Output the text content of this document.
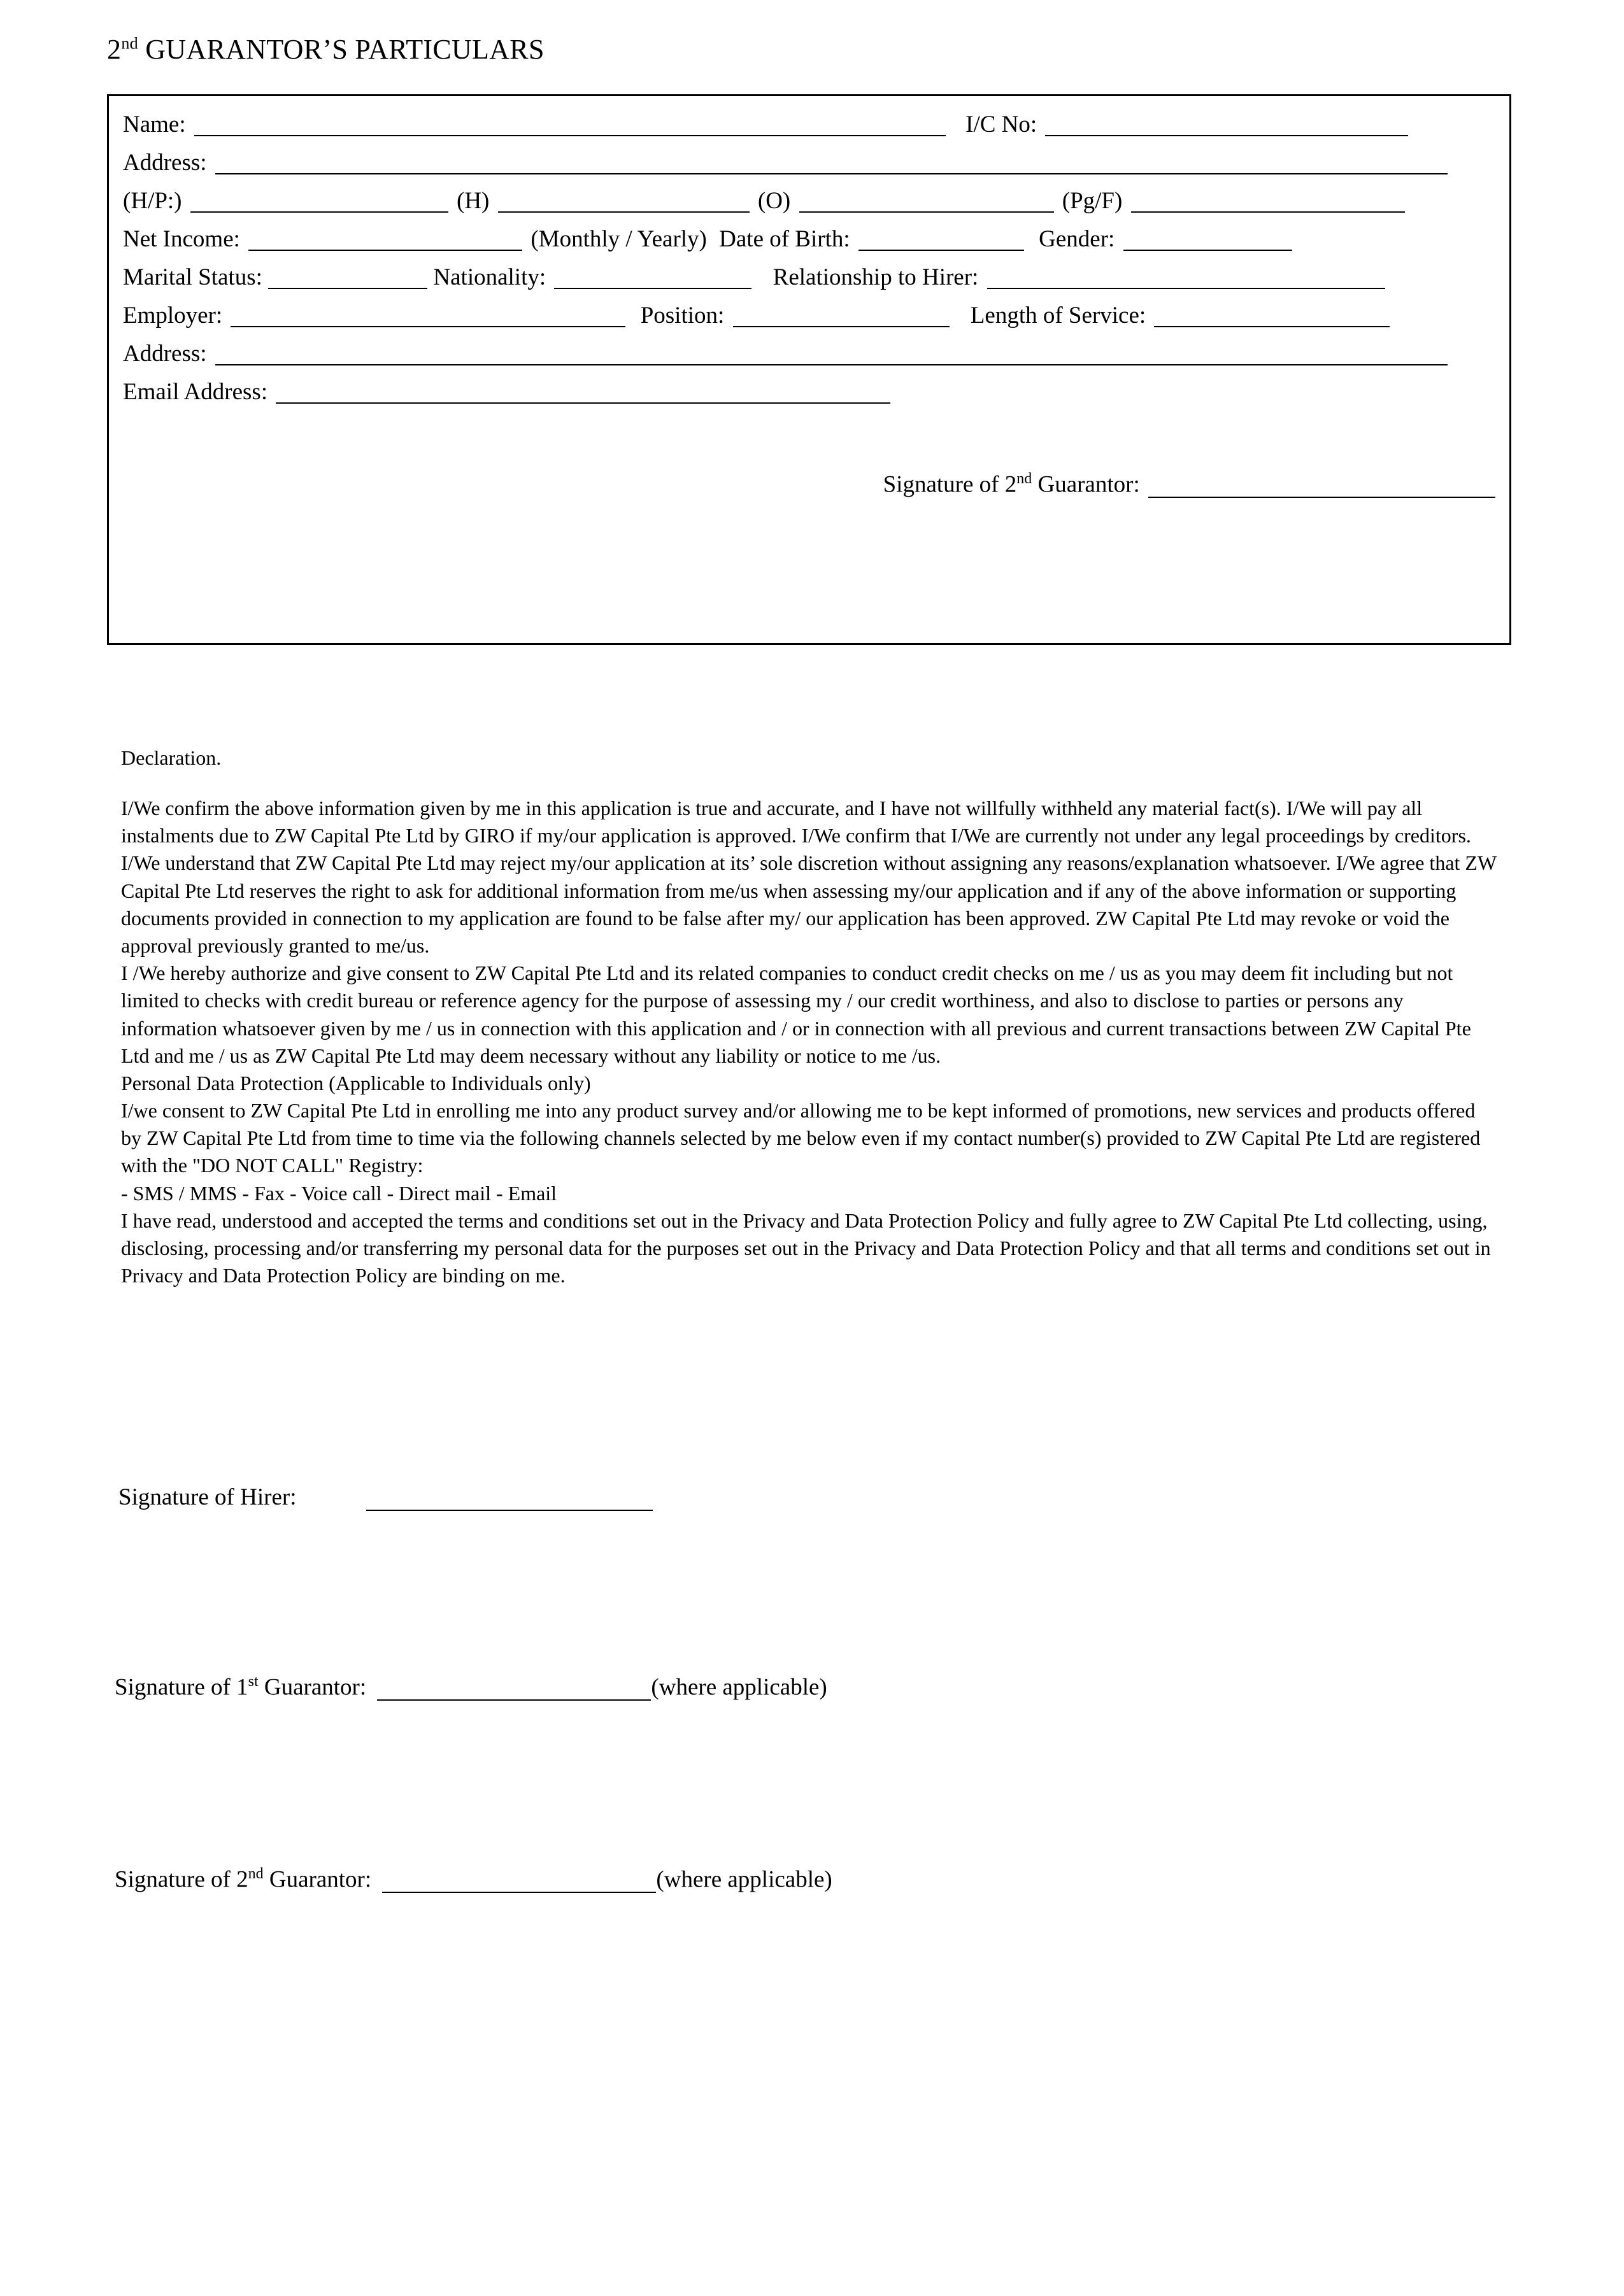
2nd GUARANTOR’S PARTICULARS
Name:	I/C No:
Address:
(H/P:)	(H)	(O)	(Pg/F)
Net Income:	(Monthly / Yearly) Date of Birth:	Gender:
Marital Status:	Nationality:	Relationship to Hirer:
Employer:	Position:	Length of Service:
Address:
Email Address:
Signature of 2nd Guarantor:
Declaration.

I/We confirm the above information given by me in this application is true and accurate, and I have not willfully withheld any material fact(s). I/We will pay all instalments due to ZW Capital Pte Ltd by GIRO if my/our application is approved. I/We confirm that I/We are currently not under any legal proceedings by creditors. I/We understand that ZW Capital Pte Ltd may reject my/our application at its’ sole discretion without assigning any reasons/explanation whatsoever. I/We agree that ZW Capital Pte Ltd reserves the right to ask for additional information from me/us when assessing my/our application and if any of the above information or supporting documents provided in connection to my application are found to be false after my/ our application has been approved. ZW Capital Pte Ltd may revoke or void the approval previously granted to me/us.

I /We hereby authorize and give consent to ZW Capital Pte Ltd and its related companies to conduct credit checks on me / us as you may deem fit including but not limited to checks with credit bureau or reference agency for the purpose of assessing my / our credit worthiness, and also to disclose to parties or persons any information whatsoever given by me / us in connection with this application and / or in connection with all previous and current transactions between ZW Capital Pte Ltd and me / us as ZW Capital Pte Ltd may deem necessary without any liability or notice to me /us.

Personal Data Protection (Applicable to Individuals only)

I/we consent to ZW Capital Pte Ltd in enrolling me into any product survey and/or allowing me to be kept informed of promotions, new services and products offered by ZW Capital Pte Ltd from time to time via the following channels selected by me below even if my contact number(s) provided to ZW Capital Pte Ltd are registered with the "DO NOT CALL" Registry:

- SMS / MMS - Fax - Voice call - Direct mail - Email

I have read, understood and accepted the terms and conditions set out in the Privacy and Data Protection Policy and fully agree to ZW Capital Pte Ltd collecting, using, disclosing, processing and/or transferring my personal data for the purposes set out in the Privacy and Data Protection Policy and that all terms and conditions set out in Privacy and Data Protection Policy are binding on me.

Signature of Hirer:
Signature of 1st Guarantor:	(where applicable)
Signature of 2nd Guarantor:	(where applicable)
